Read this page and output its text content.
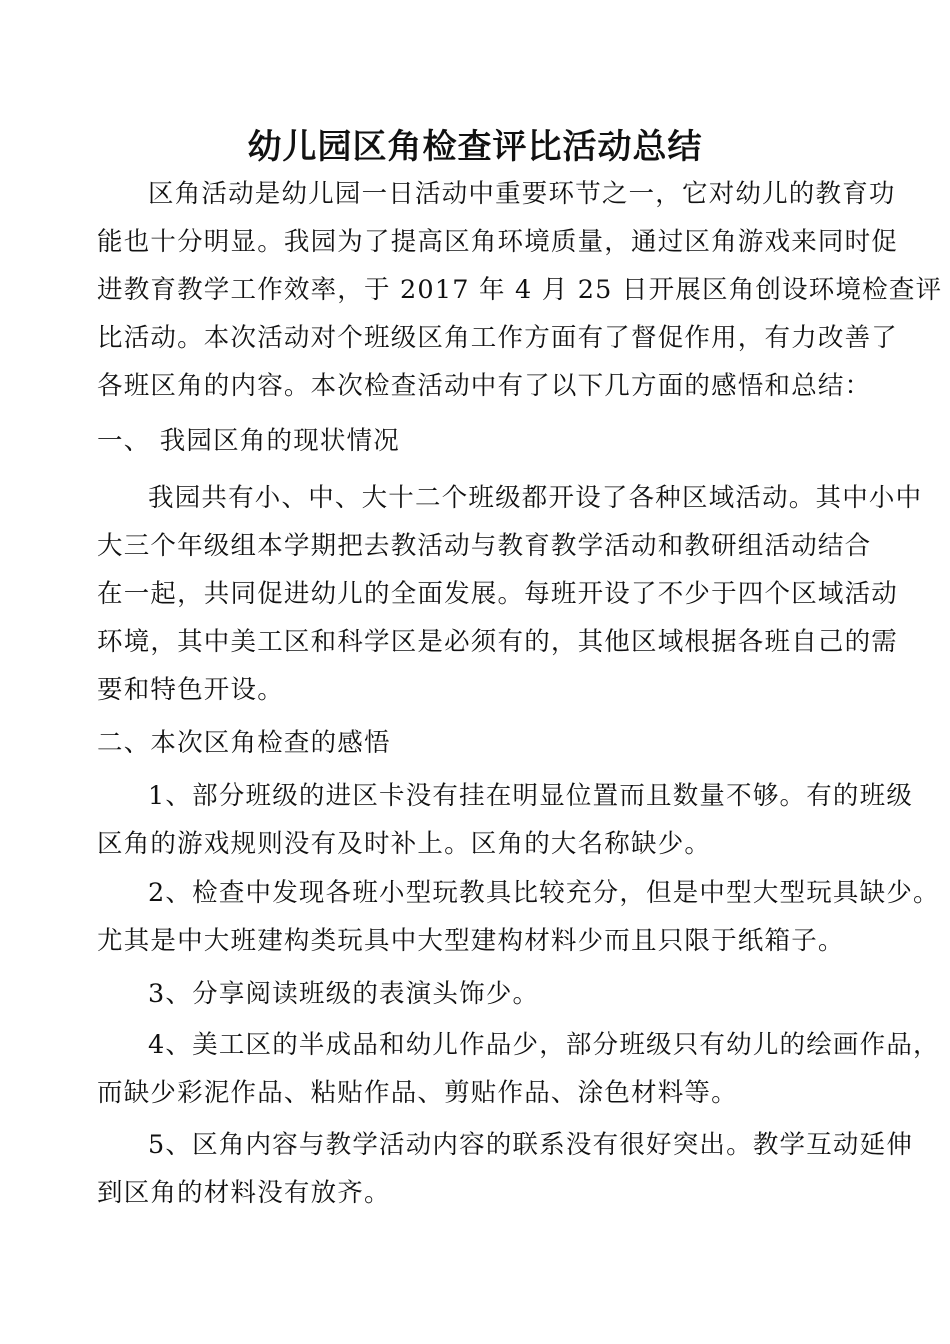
幼儿园区角检查评比活动总结
区角活动是幼儿园一日活动中重要环节之一，它对幼儿的教育功
能也十分明显。我园为了提高区角环境质量，通过区角游戏来同时促
进教育教学工作效率，于 2017 年 4 月 25 日开展区角创设环境检查评
比活动。本次活动对个班级区角工作方面有了督促作用，有力改善了
各班区角的内容。本次检查活动中有了以下几方面的感悟和总结：
一、 我园区角的现状情况
我园共有小、中、大十二个班级都开设了各种区域活动。其中小中
大三个年级组本学期把去教活动与教育教学活动和教研组活动结合
在一起，共同促进幼儿的全面发展。每班开设了不少于四个区域活动
环境，其中美工区和科学区是必须有的，其他区域根据各班自己的需
要和特色开设。
二、本次区角检查的感悟
1、部分班级的进区卡没有挂在明显位置而且数量不够。有的班级
区角的游戏规则没有及时补上。区角的大名称缺少。
2、检查中发现各班小型玩教具比较充分，但是中型大型玩具缺少。
尤其是中大班建构类玩具中大型建构材料少而且只限于纸箱子。
3、分享阅读班级的表演头饰少。
4、美工区的半成品和幼儿作品少，部分班级只有幼儿的绘画作品，
而缺少彩泥作品、粘贴作品、剪贴作品、涂色材料等。
5、区角内容与教学活动内容的联系没有很好突出。教学互动延伸
到区角的材料没有放齐。
